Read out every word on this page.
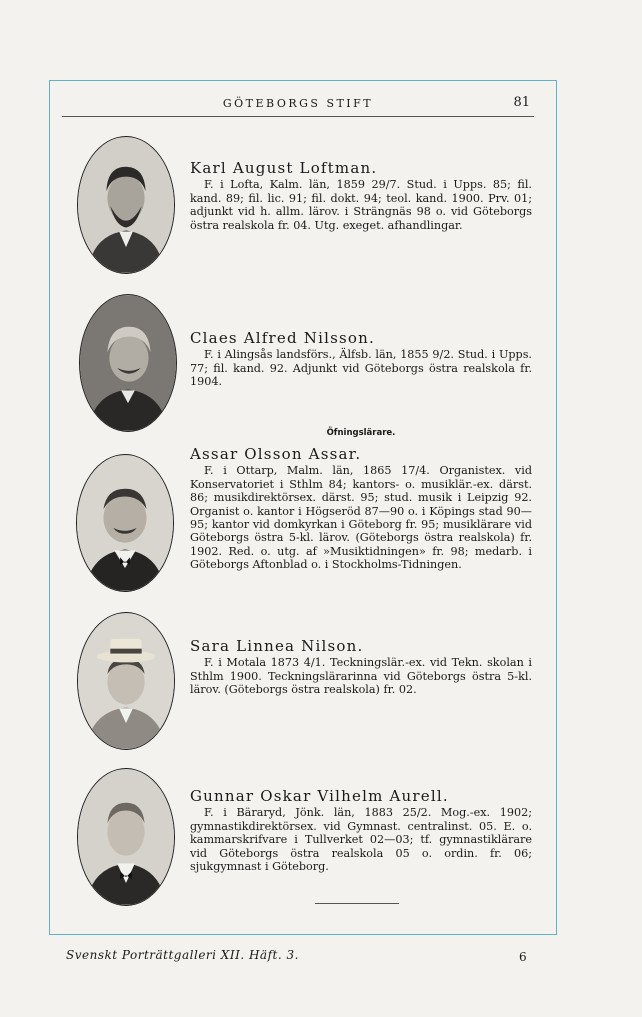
GÖTEBORGS STIFT	81
Karl August Loftman.
F. i Lofta, Kalm. län, 1859 29/7. Stud. i Upps. 85; fil. kand. 89; fil. lic. 91; fil. dokt. 94; teol. kand. 1900. Prv. 01; adjunkt vid h. allm. lärov. i Strängnäs 98 o. vid Göteborgs östra realskola fr. 04. Utg. exeget. afhandlingar.
Claes Alfred Nilsson.
F. i Alingsås landsförs., Älfsb. län, 1855 9/2. Stud. i Upps. 77; fil. kand. 92. Adjunkt vid Göteborgs östra realskola fr. 1904.
Öfningslärare.
Assar Olsson Assar.
F. i Ottarp, Malm. län, 1865 17/4. Organistex. vid Konservatoriet i Sthlm 84; kantors- o. musiklär.-ex. därst. 86; musikdirektörsex. därst. 95; stud. musik i Leipzig 92. Organist o. kantor i Högseröd 87—90 o. i Köpings stad 90—95; kantor vid domkyrkan i Göteborg fr. 95; musiklärare vid Göteborgs östra 5-kl. lärov. (Göteborgs östra realskola) fr. 1902. Red. o. utg. af »Musiktidningen» fr. 98; medarb. i Göteborgs Aftonblad o. i Stockholms-Tidningen.
Sara Linnea Nilson.
F. i Motala 1873 4/1. Teckningslär.-ex. vid Tekn. skolan i Sthlm 1900. Teckningslärarinna vid Göteborgs östra 5-kl. lärov. (Göteborgs östra realskola) fr. 02.
Gunnar Oskar Vilhelm Aurell.
F. i Bäraryd, Jönk. län, 1883 25/2. Mog.-ex. 1902; gymnastikdirektörsex. vid Gymnast. centralinst. 05. E. o. kammarskrifvare i Tullverket 02—03; tf. gymnastiklärare vid Göteborgs östra realskola 05 o. ordin. fr. 06; sjukgymnast i Göteborg.
Svenskt Porträttgalleri XII. Häft. 3.	6
